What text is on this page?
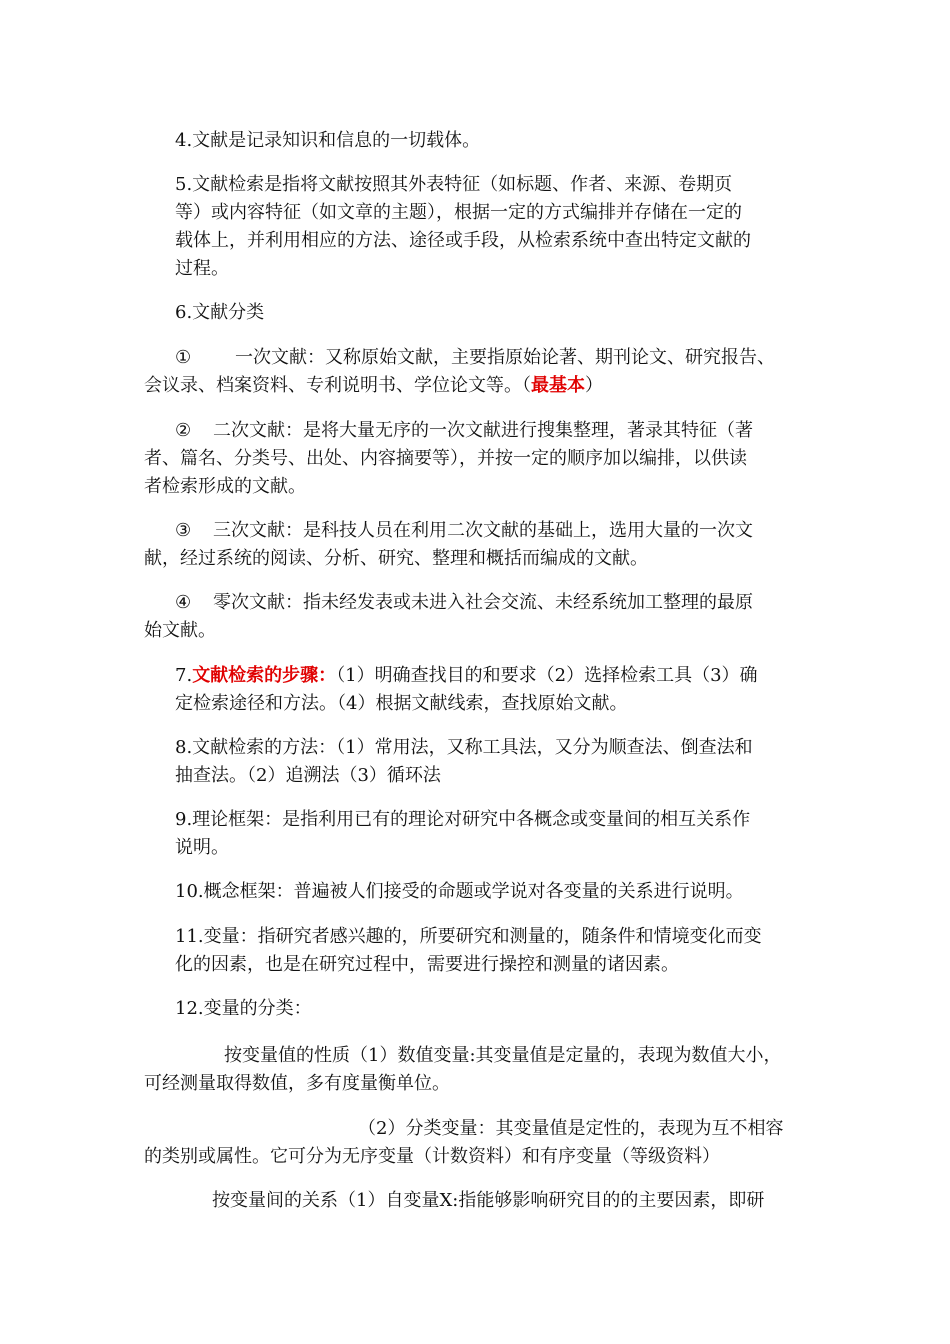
4.文献是记录知识和信息的一切载体。
5.文献检索是指将文献按照其外表特征（如标题、作者、来源、卷期页
等）或内容特征（如文章的主题），根据一定的方式编排并存储在一定的
载体上，并利用相应的方法、途径或手段，从检索系统中查出特定文献的
过程。
6.文献分类
① 一次文献：又称原始文献，主要指原始论著、期刊论文、研究报告、
会议录、档案资料、专利说明书、学位论文等。（最基本）
② 二次文献：是将大量无序的一次文献进行搜集整理，著录其特征（著
者、篇名、分类号、出处、内容摘要等），并按一定的顺序加以编排，以供读
者检索形成的文献。
③ 三次文献：是科技人员在利用二次文献的基础上，选用大量的一次文
献，经过系统的阅读、分析、研究、整理和概括而编成的文献。
④ 零次文献：指未经发表或未进入社会交流、未经系统加工整理的最原
始文献。
7.文献检索的步骤：（1）明确查找目的和要求（2）选择检索工具（3）确
定检索途径和方法。（4）根据文献线索，查找原始文献。
8.文献检索的方法：（1）常用法，又称工具法，又分为顺查法、倒查法和
抽查法。（2）追溯法（3）循环法
9.理论框架：是指利用已有的理论对研究中各概念或变量间的相互关系作
说明。
10.概念框架：普遍被人们接受的命题或学说对各变量的关系进行说明。
11.变量：指研究者感兴趣的，所要研究和测量的，随条件和情境变化而变
化的因素，也是在研究过程中，需要进行操控和测量的诸因素。
12.变量的分类：
按变量值的性质（1）数值变量:其变量值是定量的，表现为数值大小，
可经测量取得数值，多有度量衡单位。
（2）分类变量：其变量值是定性的，表现为互不相容
的类别或属性。它可分为无序变量（计数资料）和有序变量（等级资料）
按变量间的关系（1）自变量X:指能够影响研究目的的主要因素，即研
